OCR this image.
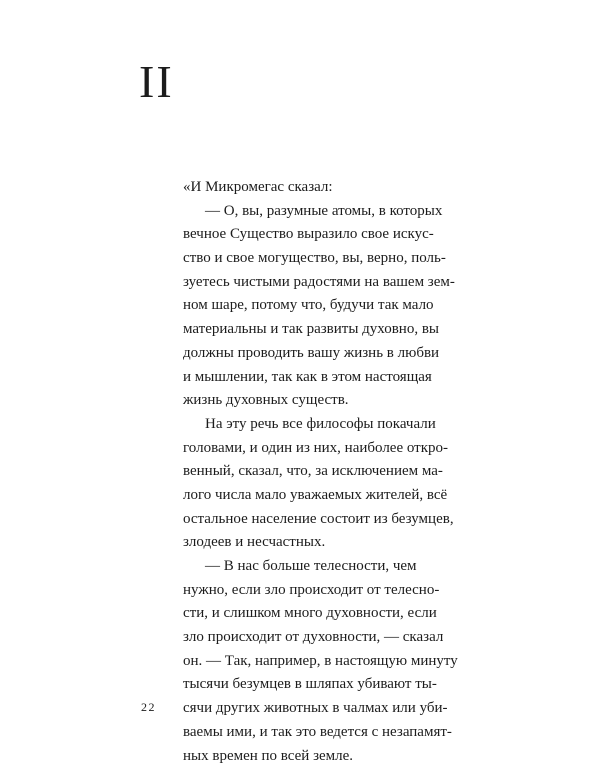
II
«И Микромегас сказал:
— О, вы, разумные атомы, в которых
вечное Существо выразило свое искус-
ство и свое могущество, вы, верно, поль-
зуетесь чистыми радостями на вашем зем-
ном шаре, потому что, будучи так мало
материальны и так развиты духовно, вы
должны проводить вашу жизнь в любви
и мышлении, так как в этом настоящая
жизнь духовных существ.
На эту речь все философы покачали
головами, и один из них, наиболее откро-
венный, сказал, что, за исключением ма-
лого числа мало уважаемых жителей, всё
остальное население состоит из безумцев,
злодеев и несчастных.
— В нас больше телесности, чем
нужно, если зло происходит от телесно-
сти, и слишком много духовности, если
зло происходит от духовности, — сказал
он. — Так, например, в настоящую минуту
тысячи безумцев в шляпах убивают ты-
сячи других животных в чалмах или уби-
ваемы ими, и так это ведется с незапамят-
ных времен по всей земле.
22
